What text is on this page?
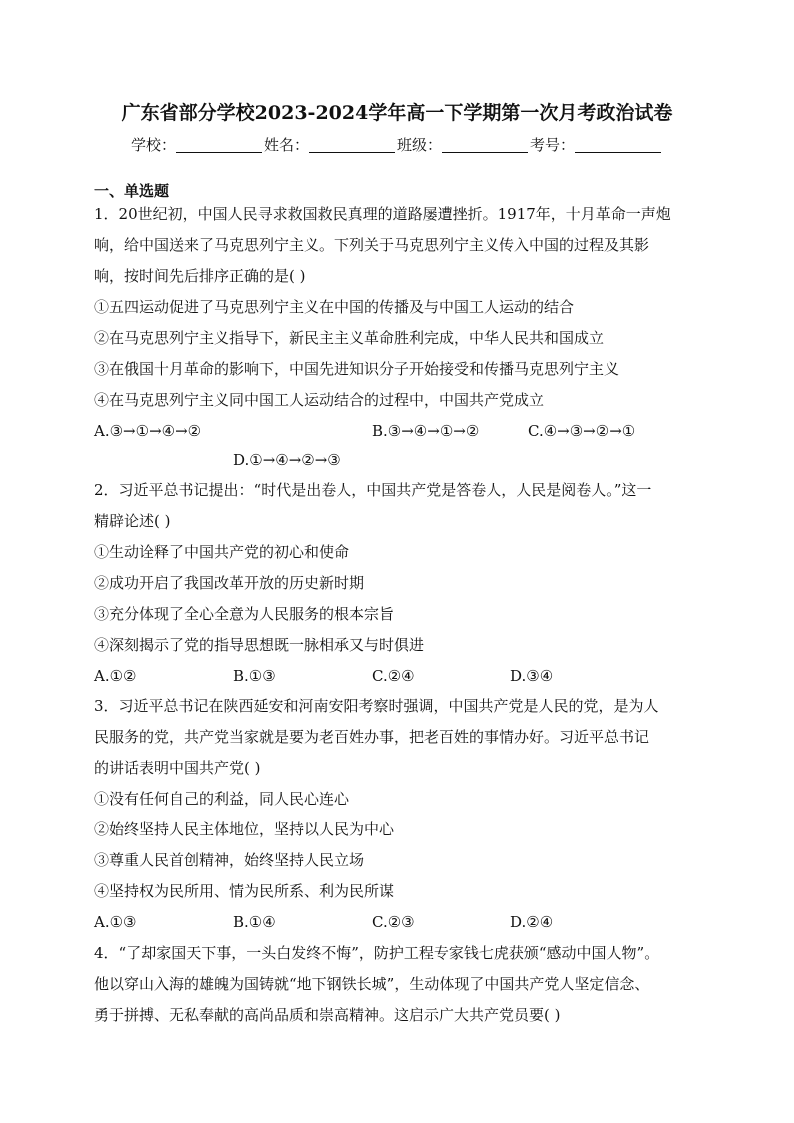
广东省部分学校2023-2024学年高一下学期第一次月考政治试卷
学校：	姓名：	班级：	考号：
一、单选题
1．20世纪初，中国人民寻求救国救民真理的道路屡遭挫折。1917年，十月革命一声炮
响，给中国送来了马克思列宁主义。下列关于马克思列宁主义传入中国的过程及其影
响，按时间先后排序正确的是( )
①五四运动促进了马克思列宁主义在中国的传播及与中国工人运动的结合
②在马克思列宁主义指导下，新民主主义革命胜利完成，中华人民共和国成立
③在俄国十月革命的影响下，中国先进知识分子开始接受和传播马克思列宁主义
④在马克思列宁主义同中国工人运动结合的过程中，中国共产党成立
A.③→①→④→②	B.③→④→①→②	C.④→③→②→①
D.①→④→②→③
2．习近平总书记提出：“时代是出卷人，中国共产党是答卷人，人民是阅卷人。”这一
精辟论述( )
①生动诠释了中国共产党的初心和使命
②成功开启了我国改革开放的历史新时期
③充分体现了全心全意为人民服务的根本宗旨
④深刻揭示了党的指导思想既一脉相承又与时俱进
A.①②	B.①③	C.②④	D.③④
3．习近平总书记在陕西延安和河南安阳考察时强调，中国共产党是人民的党，是为人
民服务的党，共产党当家就是要为老百姓办事，把老百姓的事情办好。习近平总书记
的讲话表明中国共产党( )
①没有任何自己的利益，同人民心连心
②始终坚持人民主体地位，坚持以人民为中心
③尊重人民首创精神，始终坚持人民立场
④坚持权为民所用、情为民所系、利为民所谋
A.①③	B.①④	C.②③	D.②④
4．“了却家国天下事，一头白发终不悔”，防护工程专家钱七虎获颁“感动中国人物”。
他以穿山入海的雄魄为国铸就“地下钢铁长城”，生动体现了中国共产党人坚定信念、
勇于拼搏、无私奉献的高尚品质和崇高精神。这启示广大共产党员要( )
